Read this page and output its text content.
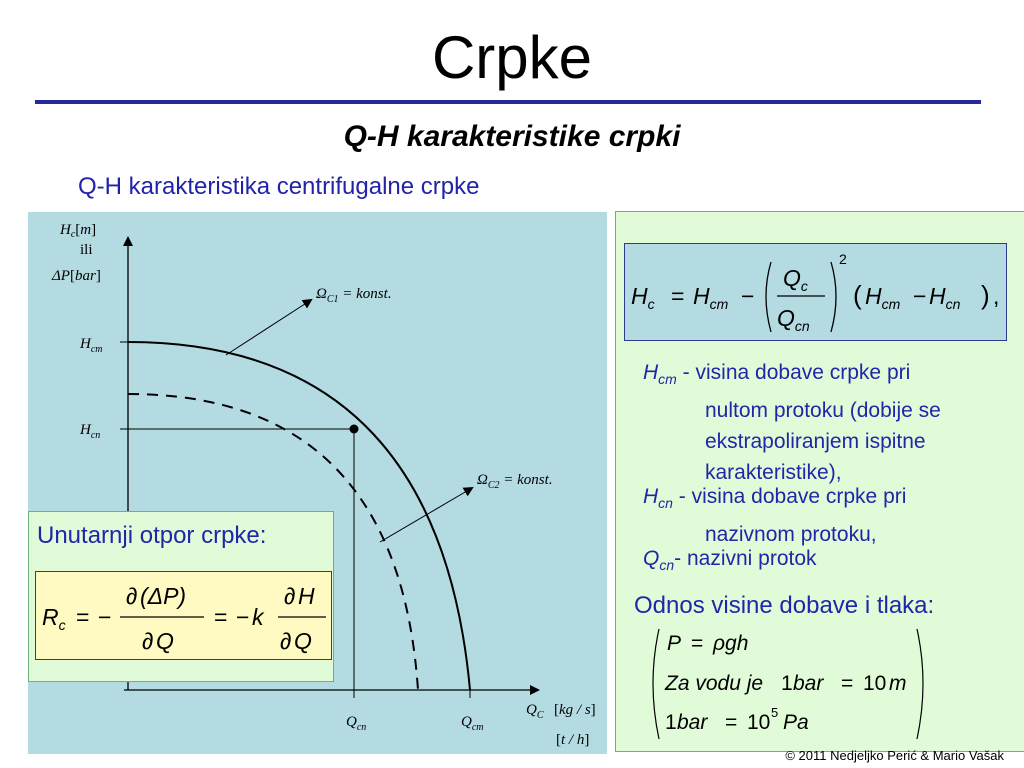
Crpke
Q-H karakteristike crpki
Q-H karakteristika centrifugalne crpke
$H_c[m]$
ili
ΔP[bar]
$H_{cm}$
$H_{cn}$
$\Omega_{C1}$ = konst.
$\Omega_{C2}$ = konst.
$Q_{cn}$	$Q_{cm}$
$Q_C$ [kg / s]
[t / h]
$H_c = H_{cm}$ −
$Q_c$
$Q_{cn}$
2
( $H_{cm} - H_{cn}$ ) ,
$H_{cm}$ - visina dobave crpke pri
nultom protoku (dobije se
ekstrapoliranjem ispitne
karakteristike),
$H_{cn}$ - visina dobave crpke pri
nazivnom protoku,
$Q_{cn}-$ nazivni protok
Odnos visine dobave i tlaka:
P = ρgh
Za vodu je 1 bar = 10 m
1 bar = 10 5 Pa
Unutarnji otpor crpke:
$R_c$ = −
∂ (ΔP)
∂ Q
= − k
∂ H
∂ Q
© 2011 Nedjeljko Perić & Mario Vašak
